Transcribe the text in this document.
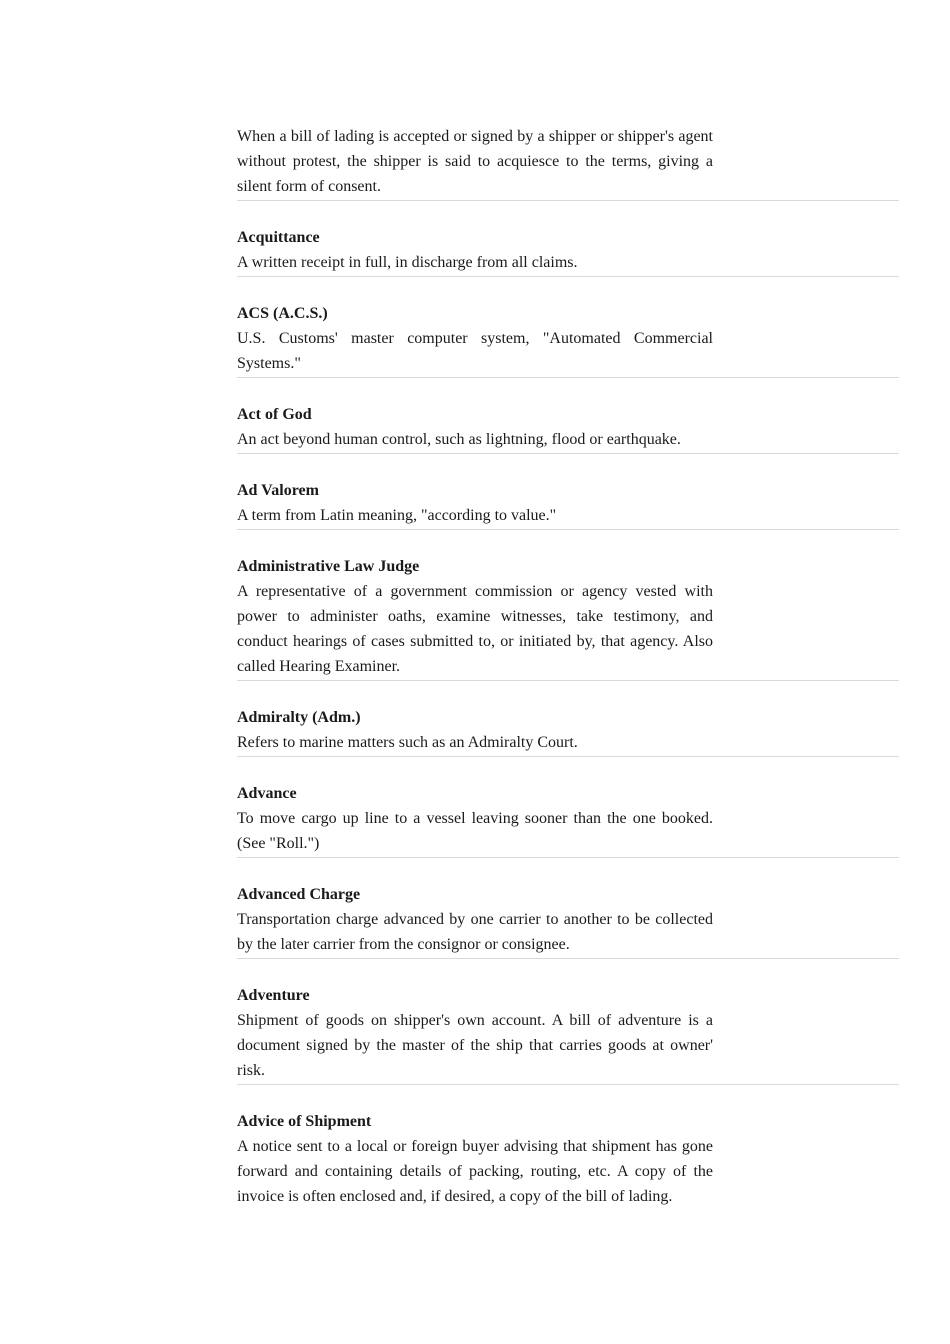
When a bill of lading is accepted or signed by a shipper or shipper's agent without protest, the shipper is said to acquiesce to the terms, giving a silent form of consent.

Acquittance

A written receipt in full, in discharge from all claims.

ACS (A.C.S.)

U.S. Customs' master computer system, "Automated Commercial Systems."

Act of God

An act beyond human control, such as lightning, flood or earthquake.

Ad Valorem

A term from Latin meaning, "according to value."

Administrative Law Judge

A representative of a government commission or agency vested with power to administer oaths, examine witnesses, take testimony, and conduct hearings of cases submitted to, or initiated by, that agency. Also called Hearing Examiner.

Admiralty (Adm.)

Refers to marine matters such as an Admiralty Court.

Advance

To move cargo up line to a vessel leaving sooner than the one booked. (See "Roll.")

Advanced Charge

Transportation charge advanced by one carrier to another to be collected by the later carrier from the consignor or consignee.

Adventure

Shipment of goods on shipper's own account. A bill of adventure is a document signed by the master of the ship that carries goods at owner' risk.

Advice of Shipment

A notice sent to a local or foreign buyer advising that shipment has gone forward and containing details of packing, routing, etc. A copy of the invoice is often enclosed and, if desired, a copy of the bill of lading.
